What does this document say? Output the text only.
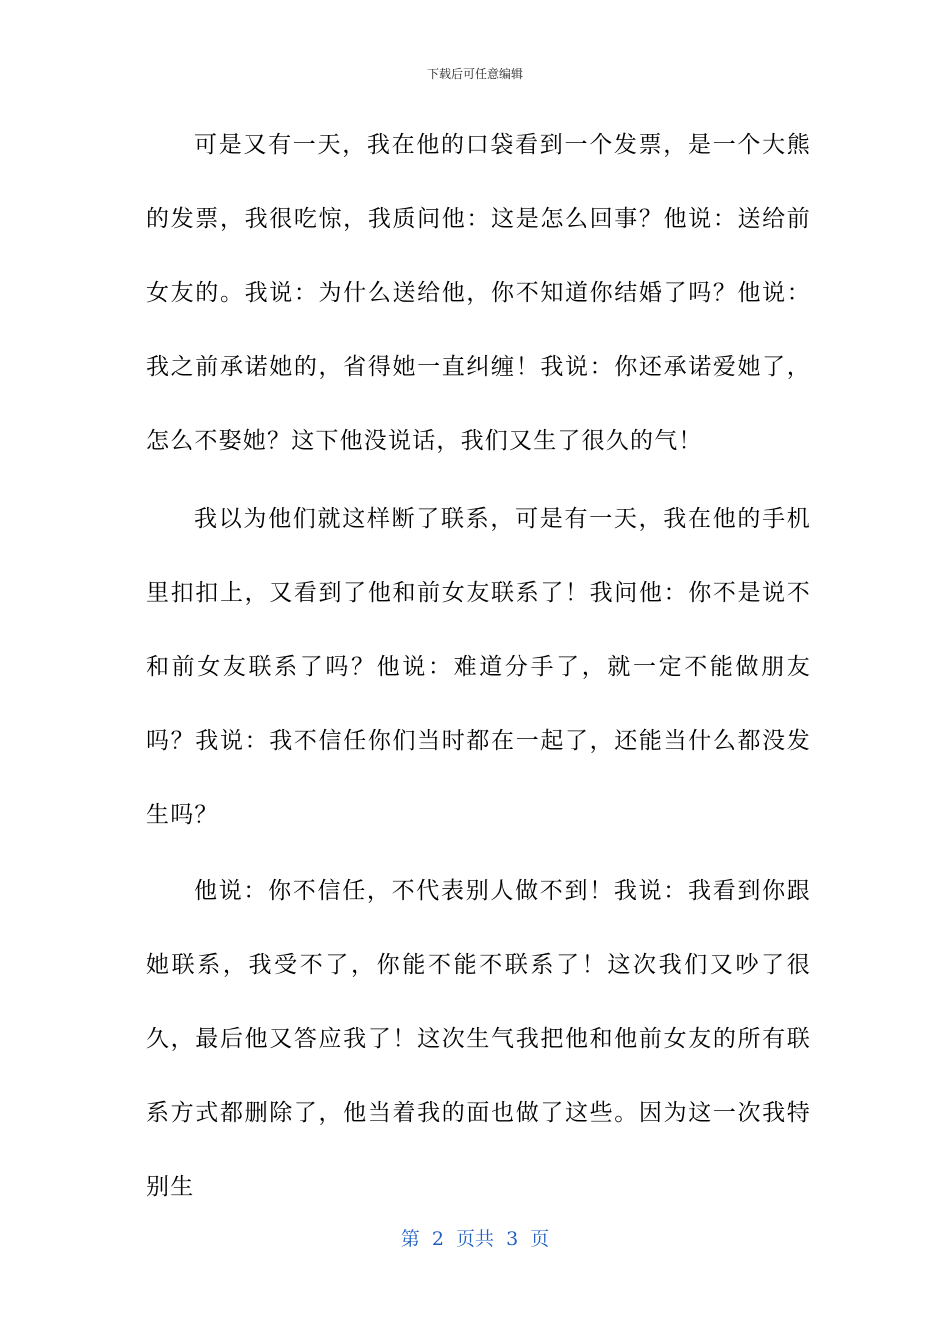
下载后可任意编辑

可是又有一天，我在他的口袋看到一个发票，是一个大熊的发票，我很吃惊，我质问他：这是怎么回事？他说：送给前女友的。我说：为什么送给他，你不知道你结婚了吗？他说：我之前承诺她的，省得她一直纠缠！我说：你还承诺爱她了，怎么不娶她？这下他没说话，我们又生了很久的气！

我以为他们就这样断了联系，可是有一天，我在他的手机里扣扣上，又看到了他和前女友联系了！我问他：你不是说不和前女友联系了吗？他说：难道分手了，就一定不能做朋友吗？我说：我不信任你们当时都在一起了，还能当什么都没发生吗？

他说：你不信任，不代表别人做不到！我说：我看到你跟她联系，我受不了，你能不能不联系了！这次我们又吵了很久，最后他又答应我了！这次生气我把他和他前女友的所有联系方式都删除了，他当着我的面也做了这些。因为这一次我特别生

第  2  页共  3  页
